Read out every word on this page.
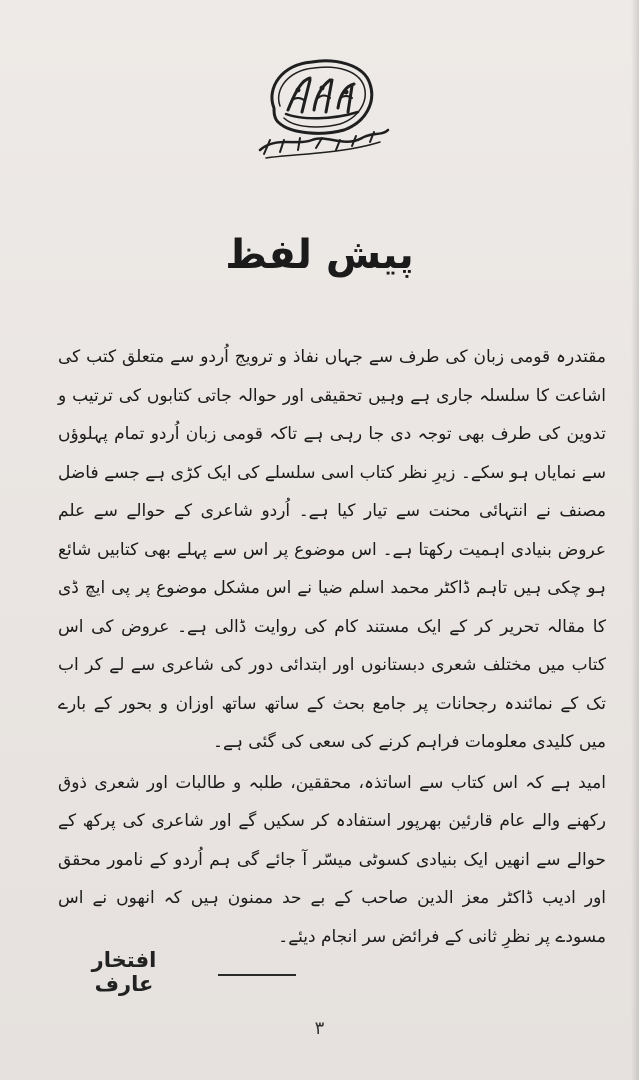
پیش لفظ

مقتدرہ قومی زبان کی طرف سے جہاں نفاذ و ترویج اُردو سے متعلق کتب کی اشاعت کا سلسلہ جاری ہے وہیں تحقیقی اور حوالہ جاتی کتابوں کی ترتیب و تدوین کی طرف بھی توجہ دی جا رہی ہے تاکہ قومی زبان اُردو تمام پہلوؤں سے نمایاں ہو سکے۔ زیرِ نظر کتاب اسی سلسلے کی ایک کڑی ہے جسے فاضل مصنف نے انتہائی محنت سے تیار کیا ہے۔ اُردو شاعری کے حوالے سے علم عروض بنیادی اہمیت رکھتا ہے۔ اس موضوع پر اس سے پہلے بھی کتابیں شائع ہو چکی ہیں تاہم ڈاکٹر محمد اسلم ضیا نے اس مشکل موضوع پر پی ایچ ڈی کا مقالہ تحریر کر کے ایک مستند کام کی روایت ڈالی ہے۔ عروض کی اس کتاب میں مختلف شعری دبستانوں اور ابتدائی دور کی شاعری سے لے کر اب تک کے نمائندہ رجحانات پر جامع بحث کے ساتھ ساتھ اوزان و بحور کے بارے میں کلیدی معلومات فراہم کرنے کی سعی کی گئی ہے۔

امید ہے کہ اس کتاب سے اساتذہ، محققین، طلبہ و طالبات اور شعری ذوق رکھنے والے عام قارئین بھرپور استفادہ کر سکیں گے اور شاعری کی پرکھ کے حوالے سے انھیں ایک بنیادی کسوٹی میسّر آ جائے گی ہم اُردو کے نامور محقق اور ادیب ڈاکٹر معز الدین صاحب کے بے حد ممنون ہیں کہ انھوں نے اس مسودے پر نظرِ ثانی کے فرائض سر انجام دیئے۔

افتخار عارف
۳
